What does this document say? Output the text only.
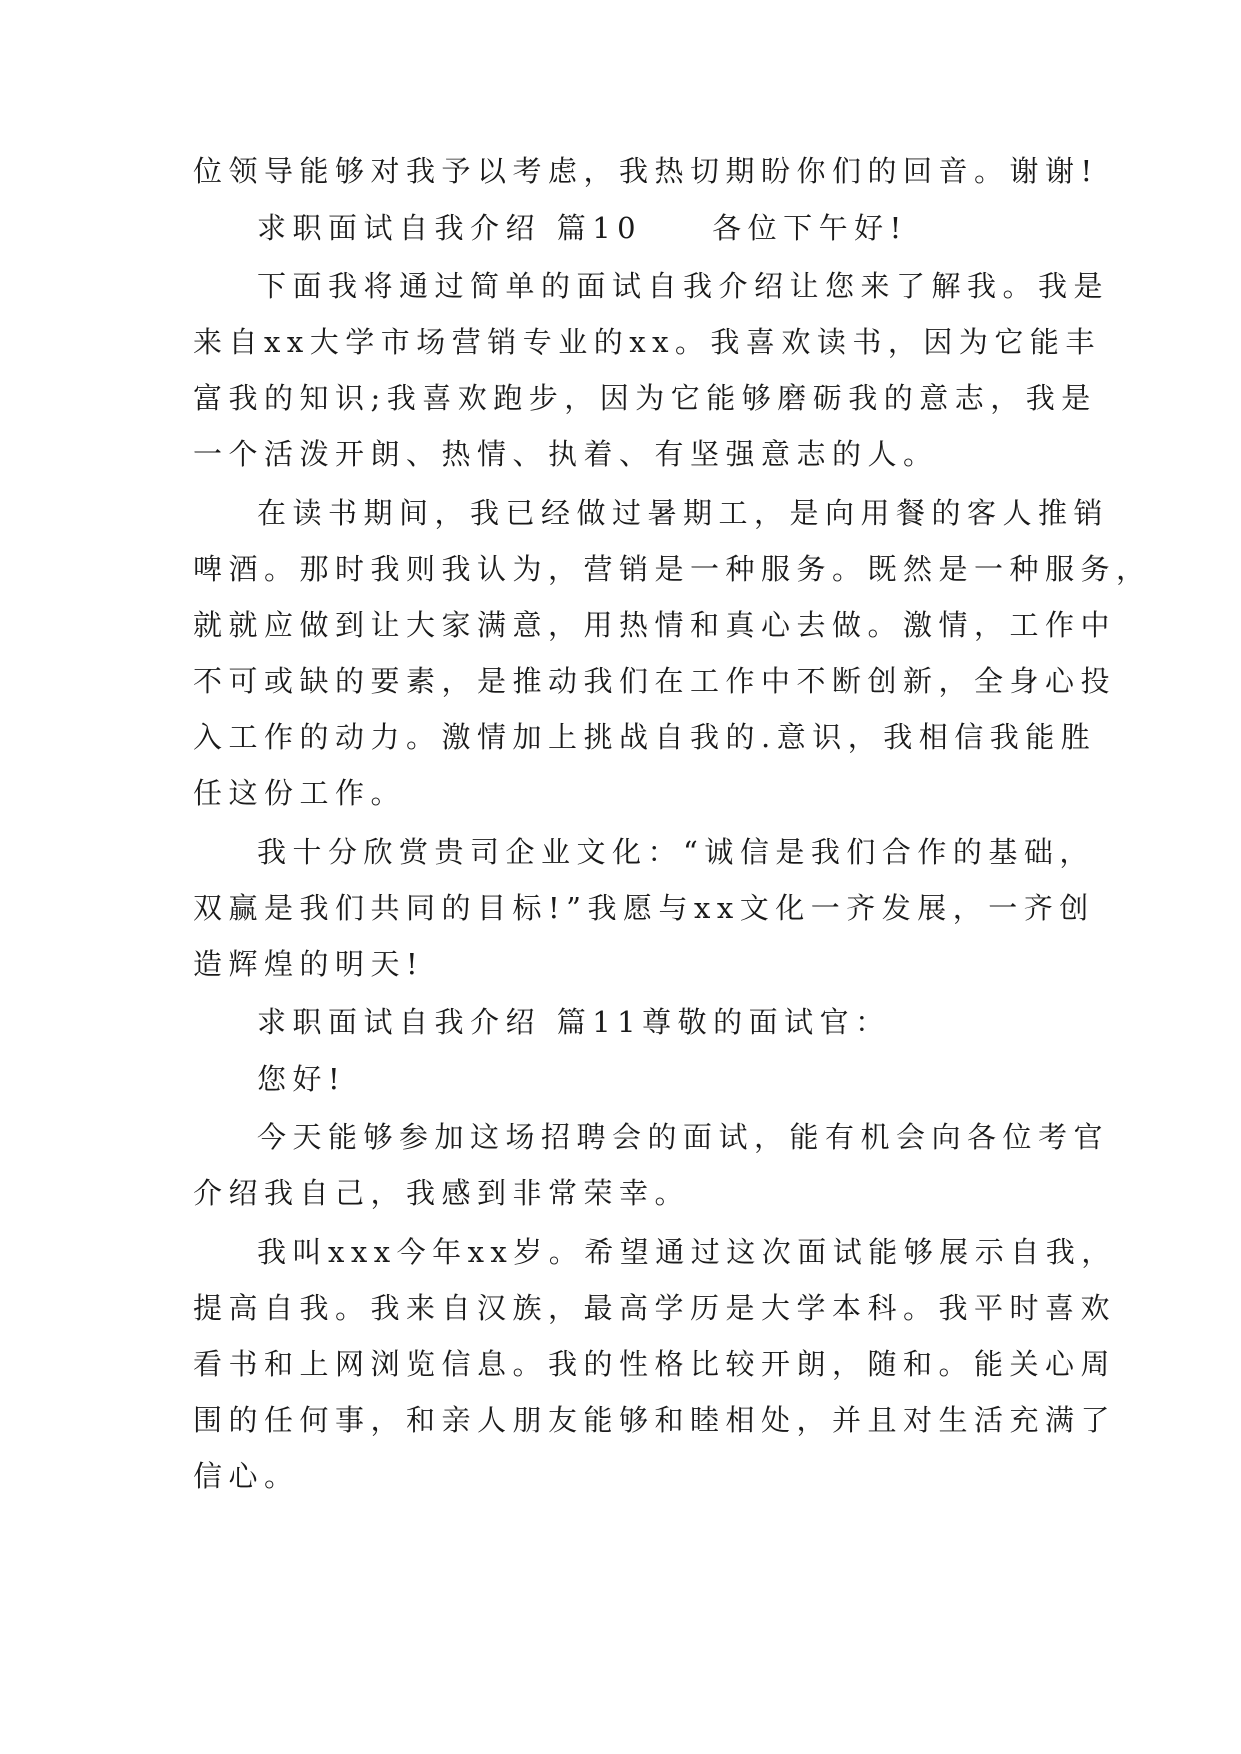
位领导能够对我予以考虑，我热切期盼你们的回音。谢谢!

求职面试自我介绍 篇10 各位下午好!

下面我将通过简单的面试自我介绍让您来了解我。我是

来自xx大学市场营销专业的xx。我喜欢读书，因为它能丰

富我的知识;我喜欢跑步，因为它能够磨砺我的意志，我是

一个活泼开朗、热情、执着、有坚强意志的人。

在读书期间，我已经做过暑期工，是向用餐的客人推销

啤酒。那时我则我认为，营销是一种服务。既然是一种服务，

就就应做到让大家满意，用热情和真心去做。激情，工作中

不可或缺的要素，是推动我们在工作中不断创新，全身心投

入工作的动力。激情加上挑战自我的.意识，我相信我能胜

任这份工作。

我十分欣赏贵司企业文化：“诚信是我们合作的基础，

双赢是我们共同的目标!”我愿与xx文化一齐发展，一齐创

造辉煌的明天!

求职面试自我介绍 篇11尊敬的面试官：

您好!

今天能够参加这场招聘会的面试，能有机会向各位考官

介绍我自己，我感到非常荣幸。

我叫xxx今年xx岁。希望通过这次面试能够展示自我，

提高自我。我来自汉族，最高学历是大学本科。我平时喜欢

看书和上网浏览信息。我的性格比较开朗，随和。能关心周

围的任何事，和亲人朋友能够和睦相处，并且对生活充满了

信心。
